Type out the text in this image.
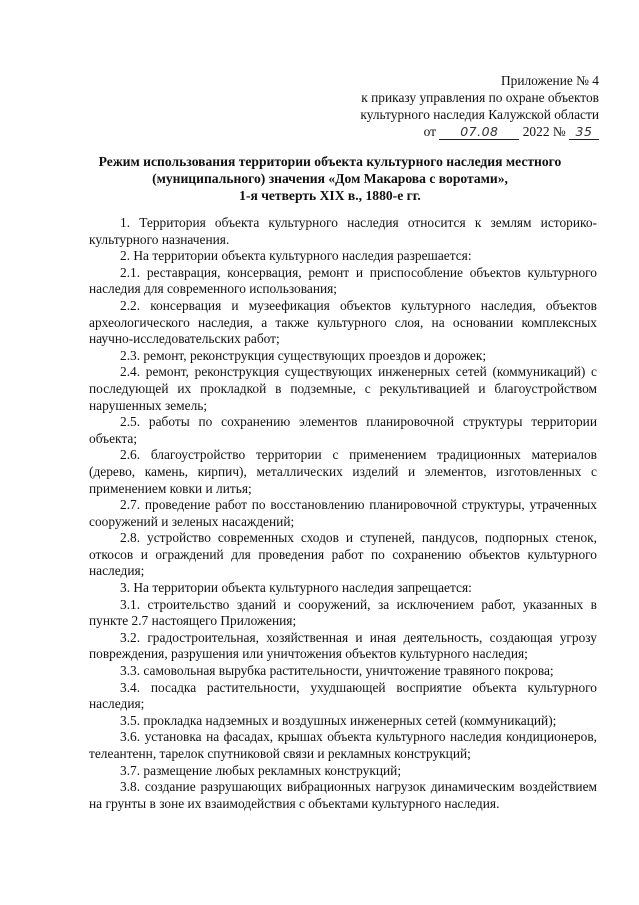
Приложение № 4
к приказу управления по охране объектов
культурного наследия Калужской области
от 07.08 2022 № 35
Режим использования территории объекта культурного наследия местного
(муниципального) значения «Дом Макарова с воротами»,
1-я четверть XIX в., 1880-е гг.

1. Территория объекта культурного наследия относится к землям историко-культурного назначения.

2. На территории объекта культурного наследия разрешается:

2.1. реставрация, консервация, ремонт и приспособление объектов культурного наследия для современного использования;

2.2. консервация и музеефикация объектов культурного наследия, объектов археологического наследия, а также культурного слоя, на основании комплексных научно-исследовательских работ;

2.3. ремонт, реконструкция существующих проездов и дорожек;

2.4. ремонт, реконструкция существующих инженерных сетей (коммуникаций) с последующей их прокладкой в подземные, с рекультивацией и благоустройством нарушенных земель;

2.5. работы по сохранению элементов планировочной структуры территории объекта;

2.6. благоустройство территории с применением традиционных материалов (дерево, камень, кирпич), металлических изделий и элементов, изготовленных с применением ковки и литья;

2.7. проведение работ по восстановлению планировочной структуры, утраченных сооружений и зеленых насаждений;

2.8. устройство современных сходов и ступеней, пандусов, подпорных стенок, откосов и ограждений для проведения работ по сохранению объектов культурного наследия;

3. На территории объекта культурного наследия запрещается:

3.1. строительство зданий и сооружений, за исключением работ, указанных в пункте 2.7 настоящего Приложения;

3.2. градостроительная, хозяйственная и иная деятельность, создающая угрозу повреждения, разрушения или уничтожения объектов культурного наследия;

3.3. самовольная вырубка растительности, уничтожение травяного покрова;

3.4. посадка растительности, ухудшающей восприятие объекта культурного наследия;

3.5. прокладка надземных и воздушных инженерных сетей (коммуникаций);

3.6. установка на фасадах, крышах объекта культурного наследия кондиционеров, телеантенн, тарелок спутниковой связи и рекламных конструкций;

3.7. размещение любых рекламных конструкций;

3.8. создание разрушающих вибрационных нагрузок динамическим воздействием на грунты в зоне их взаимодействия с объектами культурного наследия.
